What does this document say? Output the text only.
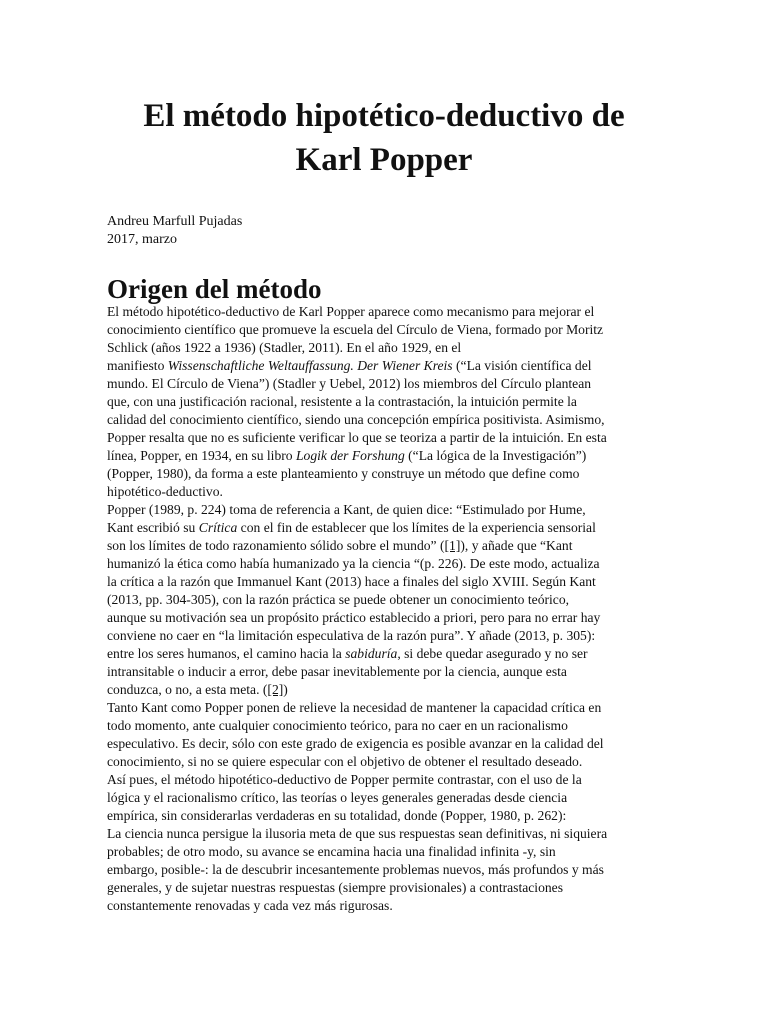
El método hipotético-deductivo de
Karl Popper
Andreu Marfull Pujadas
2017, marzo
Origen del método
El método hipotético-deductivo de Karl Popper aparece como mecanismo para mejorar el
conocimiento científico que promueve la escuela del Círculo de Viena, formado por Moritz
Schlick (años 1922 a 1936) (Stadler, 2011). En el año 1929, en el
manifiesto Wissenschaftliche Weltauffassung. Der Wiener Kreis (“La visión científica del
mundo. El Círculo de Viena”) (Stadler y Uebel, 2012) los miembros del Círculo plantean
que, con una justificación racional, resistente a la contrastación, la intuición permite la
calidad del conocimiento científico, siendo una concepción empírica positivista. Asimismo,
Popper resalta que no es suficiente verificar lo que se teoriza a partir de la intuición. En esta
línea, Popper, en 1934, en su libro Logik der Forshung (“La lógica de la Investigación”)
(Popper, 1980), da forma a este planteamiento y construye un método que define como
hipotético-deductivo.
Popper (1989, p. 224) toma de referencia a Kant, de quien dice: “Estimulado por Hume,
Kant escribió su Crítica con el fin de establecer que los límites de la experiencia sensorial
son los límites de todo razonamiento sólido sobre el mundo” ([1]), y añade que “Kant
humanizó la ética como había humanizado ya la ciencia “(p. 226). De este modo, actualiza
la crítica a la razón que Immanuel Kant (2013) hace a finales del siglo XVIII. Según Kant
(2013, pp. 304-305), con la razón práctica se puede obtener un conocimiento teórico,
aunque su motivación sea un propósito práctico establecido a priori, pero para no errar hay
conviene no caer en “la limitación especulativa de la razón pura”. Y añade (2013, p. 305):
entre los seres humanos, el camino hacia la sabiduría, si debe quedar asegurado y no ser
intransitable o inducir a error, debe pasar inevitablemente por la ciencia, aunque esta
conduzca, o no, a esta meta. ([2])
Tanto Kant como Popper ponen de relieve la necesidad de mantener la capacidad crítica en
todo momento, ante cualquier conocimiento teórico, para no caer en un racionalismo
especulativo. Es decir, sólo con este grado de exigencia es posible avanzar en la calidad del
conocimiento, si no se quiere especular con el objetivo de obtener el resultado deseado.
Así pues, el método hipotético-deductivo de Popper permite contrastar, con el uso de la
lógica y el racionalismo crítico, las teorías o leyes generales generadas desde ciencia
empírica, sin considerarlas verdaderas en su totalidad, donde (Popper, 1980, p. 262):
La ciencia nunca persigue la ilusoria meta de que sus respuestas sean definitivas, ni siquiera
probables; de otro modo, su avance se encamina hacia una finalidad infinita -y, sin
embargo, posible-: la de descubrir incesantemente problemas nuevos, más profundos y más
generales, y de sujetar nuestras respuestas (siempre provisionales) a contrastaciones
constantemente renovadas y cada vez más rigurosas.
